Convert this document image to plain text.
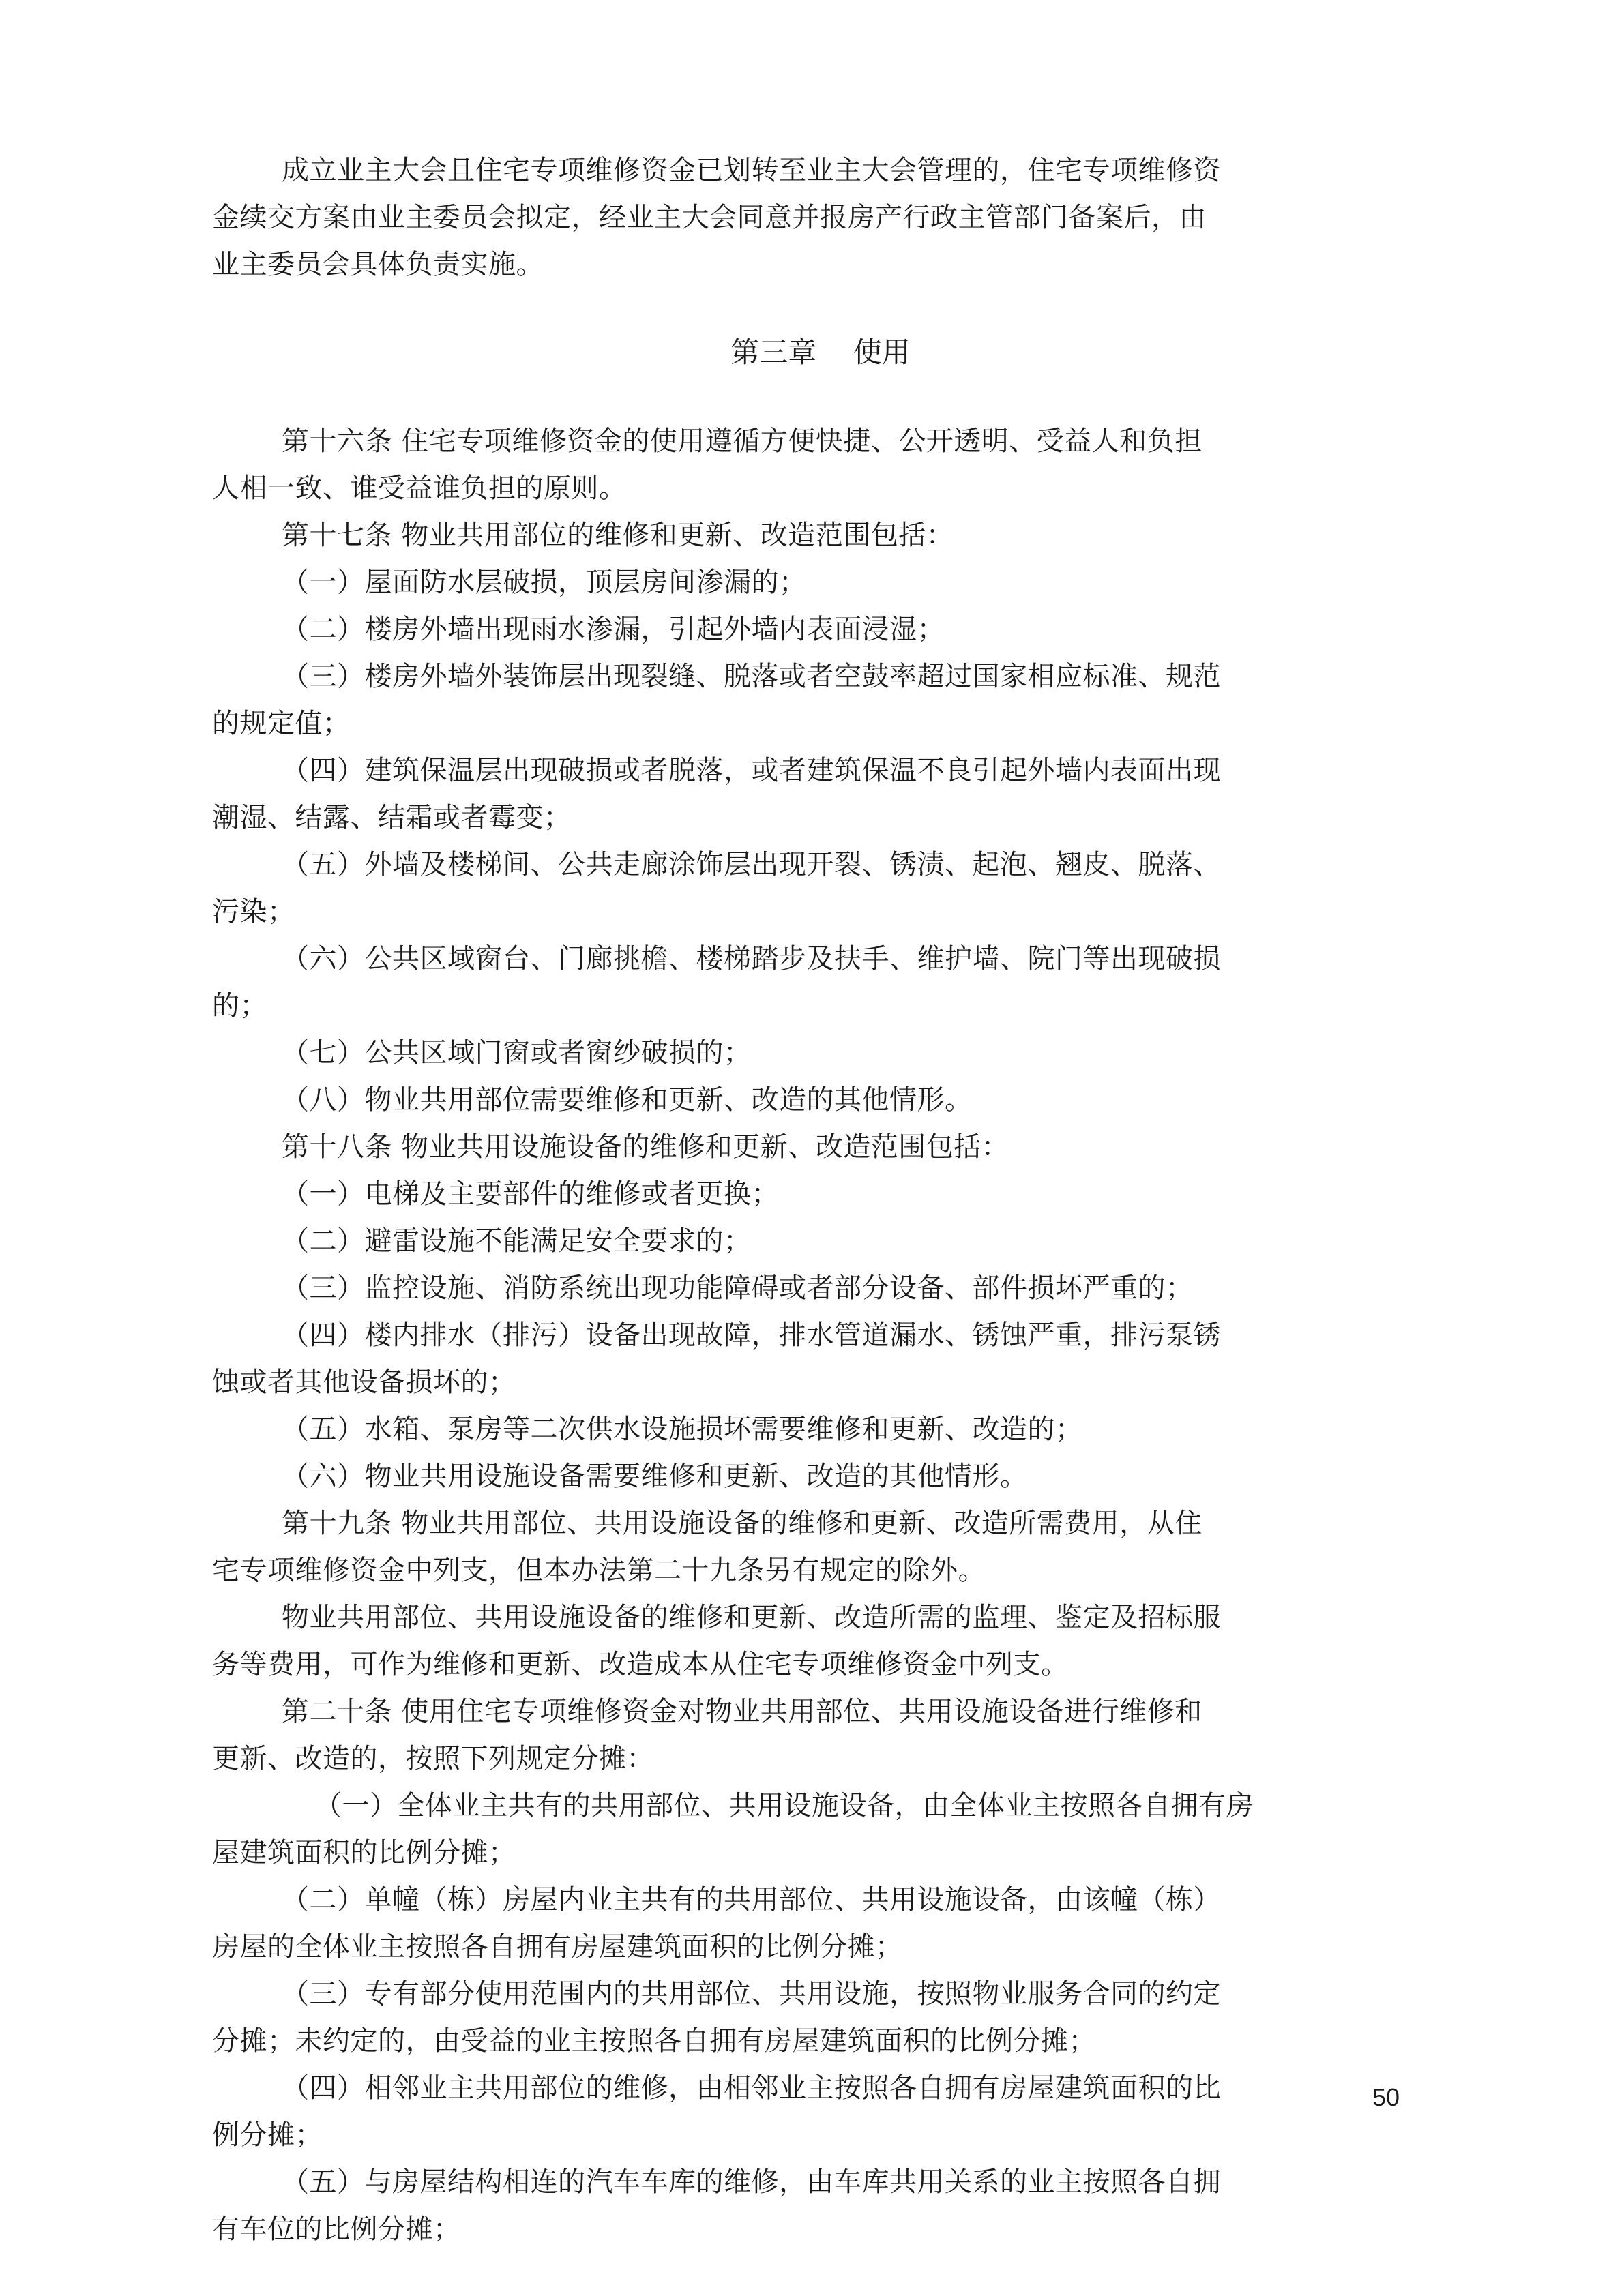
成立业主大会且住宅专项维修资金已划转至业主大会管理的，住宅专项维修资
金续交方案由业主委员会拟定，经业主大会同意并报房产行政主管部门备案后，由
业主委员会具体负责实施。
第三章    使用
第十六条 住宅专项维修资金的使用遵循方便快捷、公开透明、受益人和负担
人相一致、谁受益谁负担的原则。
第十七条 物业共用部位的维修和更新、改造范围包括：
（一）屋面防水层破损，顶层房间渗漏的；
（二）楼房外墙出现雨水渗漏，引起外墙内表面浸湿；
（三）楼房外墙外装饰层出现裂缝、脱落或者空鼓率超过国家相应标准、规范
的规定值；
（四）建筑保温层出现破损或者脱落，或者建筑保温不良引起外墙内表面出现
潮湿、结露、结霜或者霉变；
（五）外墙及楼梯间、公共走廊涂饰层出现开裂、锈渍、起泡、翘皮、脱落、
污染；
（六）公共区域窗台、门廊挑檐、楼梯踏步及扶手、维护墙、院门等出现破损
的；
（七）公共区域门窗或者窗纱破损的；
（八）物业共用部位需要维修和更新、改造的其他情形。
第十八条 物业共用设施设备的维修和更新、改造范围包括：
（一）电梯及主要部件的维修或者更换；
（二）避雷设施不能满足安全要求的；
（三）监控设施、消防系统出现功能障碍或者部分设备、部件损坏严重的；
（四）楼内排水（排污）设备出现故障，排水管道漏水、锈蚀严重，排污泵锈
蚀或者其他设备损坏的；
（五）水箱、泵房等二次供水设施损坏需要维修和更新、改造的；
（六）物业共用设施设备需要维修和更新、改造的其他情形。
第十九条 物业共用部位、共用设施设备的维修和更新、改造所需费用，从住
宅专项维修资金中列支，但本办法第二十九条另有规定的除外。
物业共用部位、共用设施设备的维修和更新、改造所需的监理、鉴定及招标服
务等费用，可作为维修和更新、改造成本从住宅专项维修资金中列支。
第二十条 使用住宅专项维修资金对物业共用部位、共用设施设备进行维修和
更新、改造的，按照下列规定分摊：
（一）全体业主共有的共用部位、共用设施设备，由全体业主按照各自拥有房
屋建筑面积的比例分摊；
（二）单幢（栋）房屋内业主共有的共用部位、共用设施设备，由该幢（栋）
房屋的全体业主按照各自拥有房屋建筑面积的比例分摊；
（三）专有部分使用范围内的共用部位、共用设施，按照物业服务合同的约定
分摊；未约定的，由受益的业主按照各自拥有房屋建筑面积的比例分摊；
（四）相邻业主共用部位的维修，由相邻业主按照各自拥有房屋建筑面积的比
例分摊；
（五）与房屋结构相连的汽车车库的维修，由车库共用关系的业主按照各自拥
有车位的比例分摊；
50
